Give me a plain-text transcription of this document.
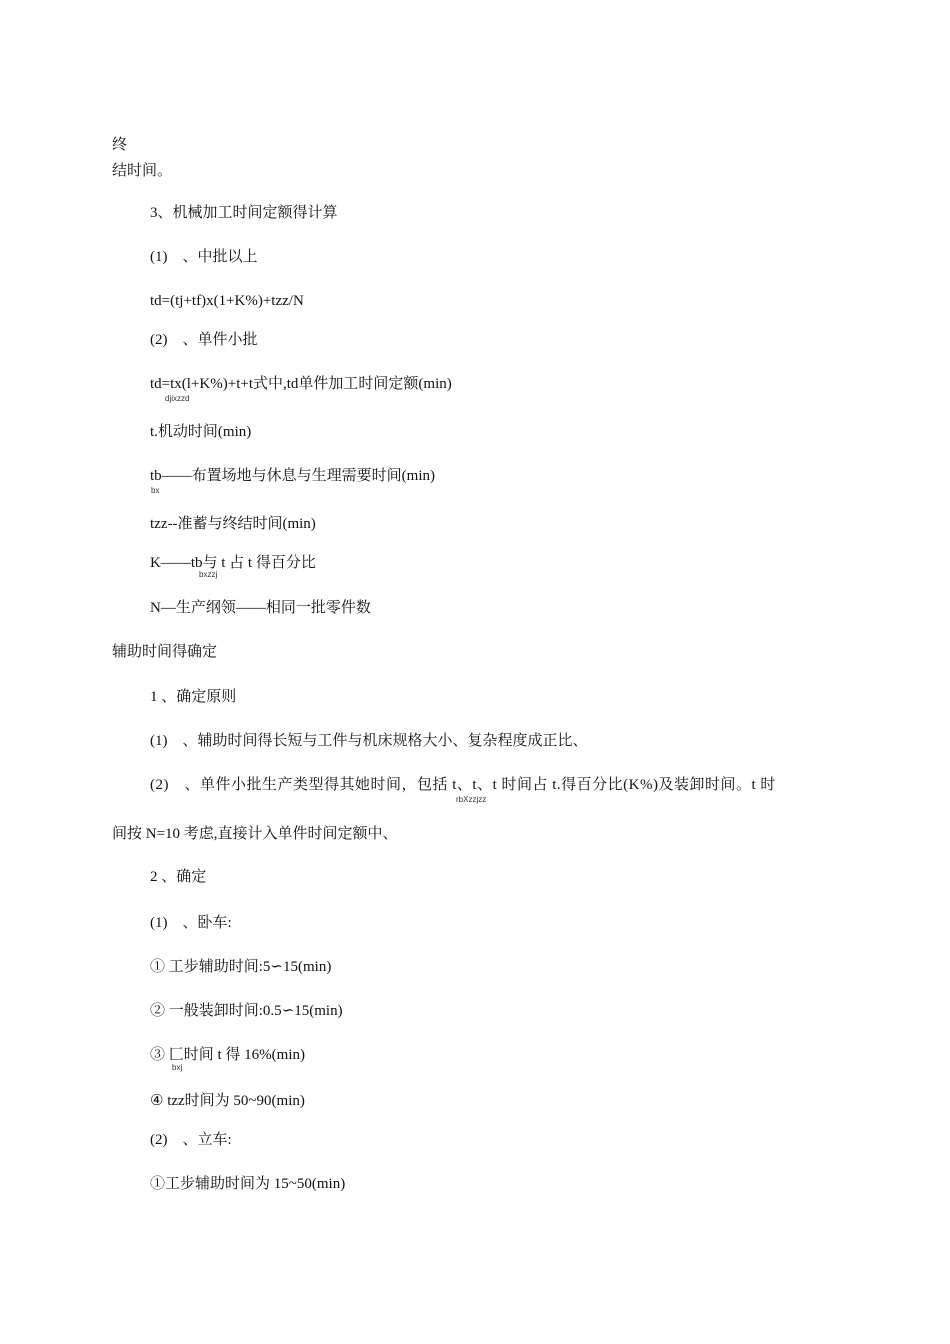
终
结时间。
3、机械加工时间定额得计算
(1)　、中批以上
td=(tj+tf)x(1+K%)+tzz/N
(2)　、单件小批
td=tx(l+K%)+t+t式中,td单件加工时间定额(min)
djixzzd
t.机动时间(min)
tb——布置场地与休息与生理需要时间(min)
bx
tzz--准蓄与终结时间(min)
K——tb与 t 占 t 得百分比
bxzzj
N—生产纲领——相同一批零件数
辅助时间得确定
1 、确定原则
(1)　、辅助时间得长短与工件与机床规格大小、复杂程度成正比、
(2)　、单件小批生产类型得其她时间，包括 t、t、t 时间占 t.得百分比(K%)及装卸时间。t 时
rbXzzjzz
间按 N=10 考虑,直接计入单件时间定额中、
2 、确定
(1)　、卧车:
① 工步辅助时间:5∽15(min)
② 一般装卸时间:0.5∽15(min)
③ 匚时间 t 得 16%(min)
bxj
④ tzz时间为 50~90(min)
(2)　、立车:
①工步辅助时间为 15~50(min)
